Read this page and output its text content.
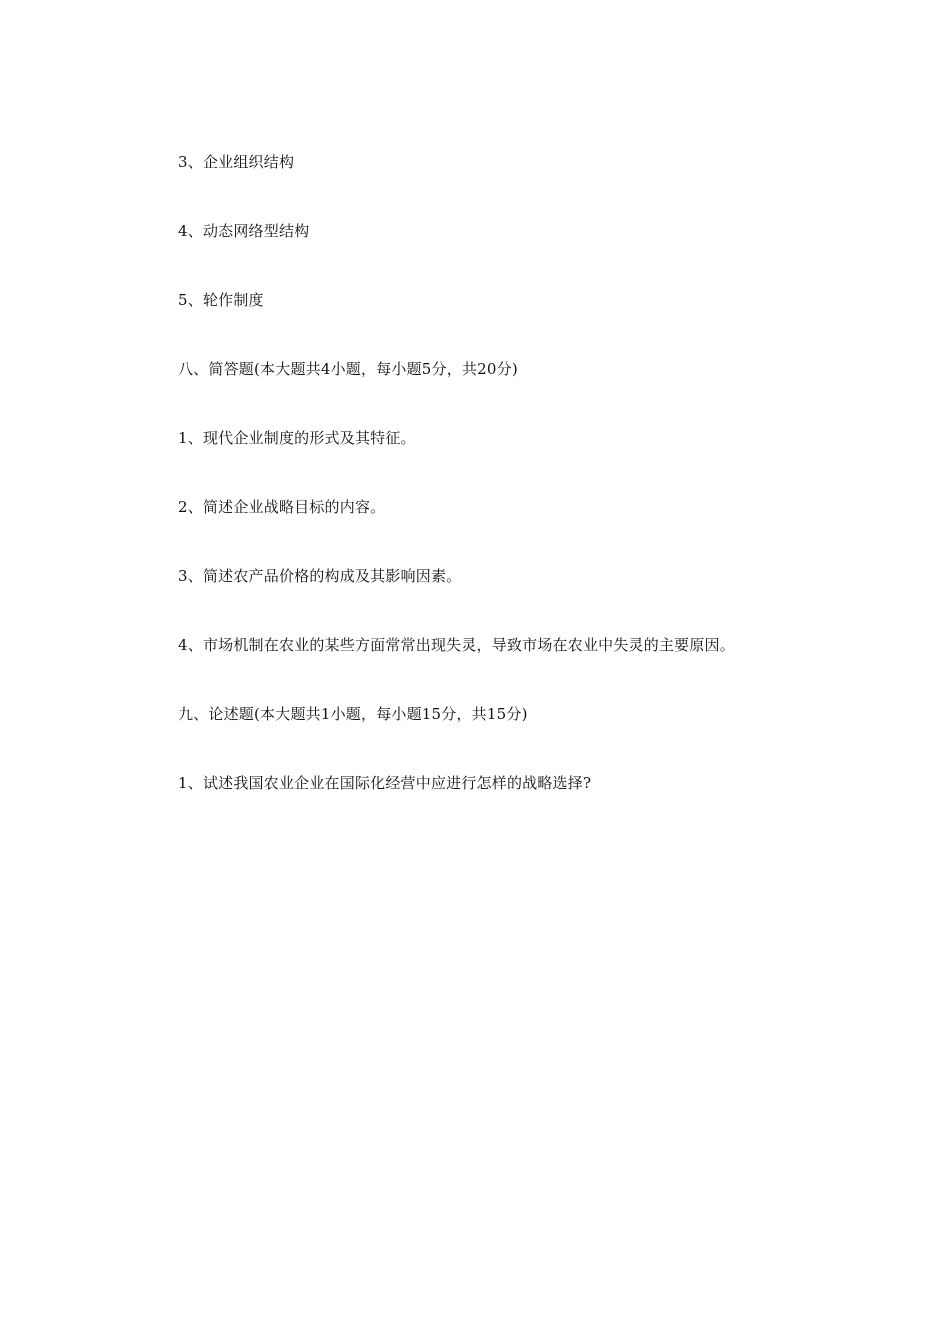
3、企业组织结构

4、动态网络型结构

5、轮作制度

八、简答题(本大题共4小题，每小题5分，共20分)

1、现代企业制度的形式及其特征。

2、简述企业战略目标的内容。

3、简述农产品价格的构成及其影响因素。

4、市场机制在农业的某些方面常常出现失灵，导致市场在农业中失灵的主要原因。

九、论述题(本大题共1小题，每小题15分，共15分)

1、试述我国农业企业在国际化经营中应进行怎样的战略选择?
